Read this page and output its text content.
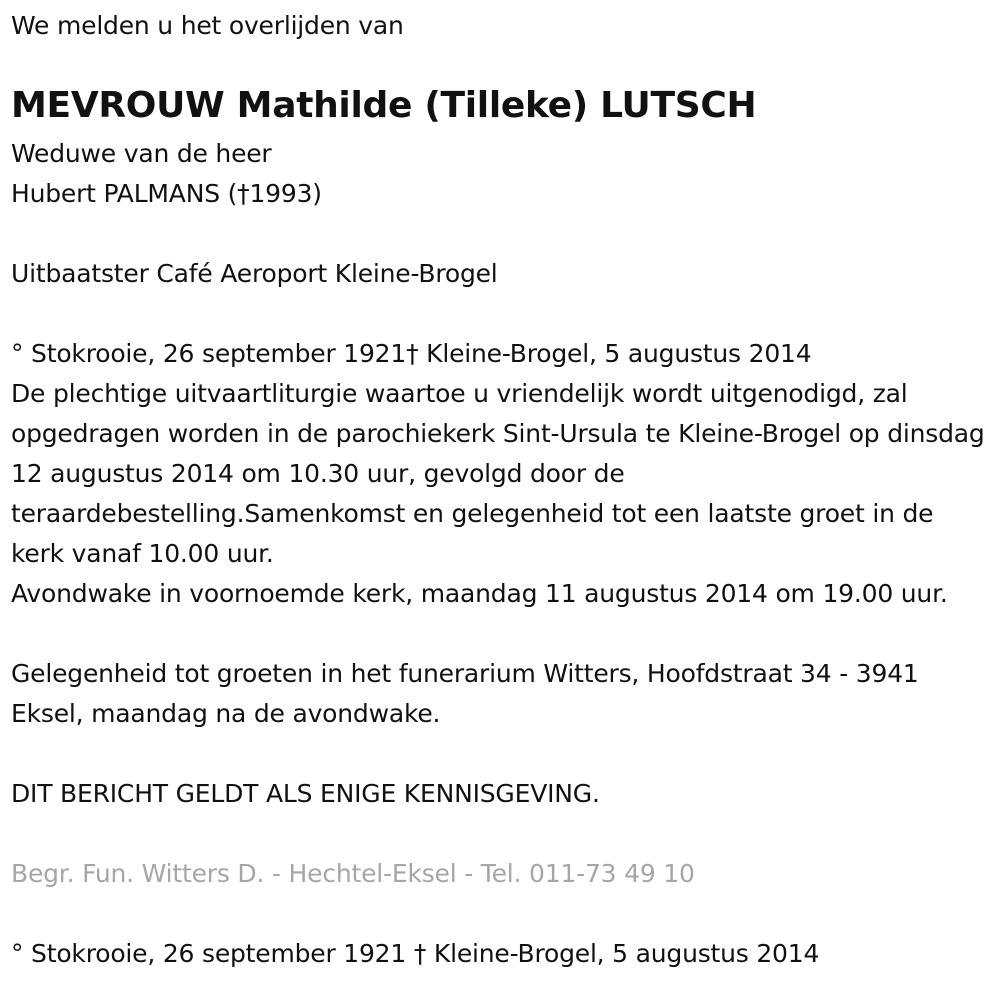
We melden u het overlijden van
MEVROUW Mathilde (Tilleke) LUTSCH
Weduwe van de heer
Hubert PALMANS (†1993)
Uitbaatster Café Aeroport Kleine-Brogel
° Stokrooie, 26 september 1921† Kleine-Brogel, 5 augustus 2014
De plechtige uitvaartliturgie waartoe u vriendelijk wordt uitgenodigd, zal opgedragen worden in de parochiekerk Sint-Ursula te Kleine-Brogel op dinsdag 12 augustus 2014 om 10.30 uur, gevolgd door de teraardebestelling.Samenkomst en gelegenheid tot een laatste groet in de kerk vanaf 10.00 uur.
Avondwake in voornoemde kerk, maandag 11 augustus 2014 om 19.00 uur.
Gelegenheid tot groeten in het funerarium Witters, Hoofdstraat 34 - 3941 Eksel, maandag na de avondwake.
DIT BERICHT GELDT ALS ENIGE KENNISGEVING.
Begr. Fun. Witters D. - Hechtel-Eksel - Tel. 011-73 49 10
° Stokrooie, 26 september 1921 † Kleine-Brogel, 5 augustus 2014
